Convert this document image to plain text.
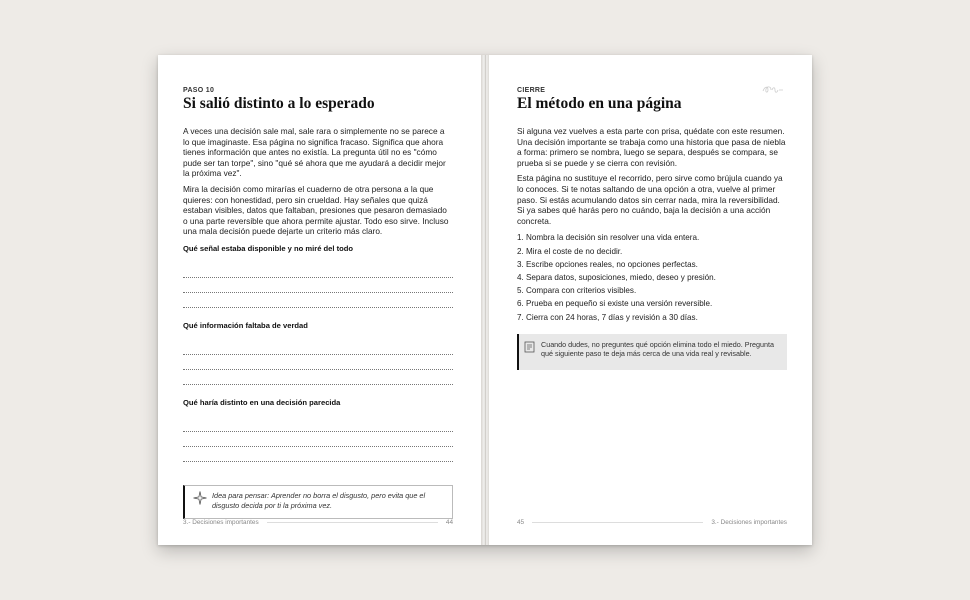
PASO 10

Si salió distinto a lo esperado

A veces una decisión sale mal, sale rara o simplemente no se parece a lo que imaginaste. Esa página no significa fracaso. Significa que ahora tienes información que antes no existía. La pregunta útil no es "cómo pude ser tan torpe", sino "qué sé ahora que me ayudará a decidir mejor la próxima vez".

Mira la decisión como mirarías el cuaderno de otra persona a la que quieres: con honestidad, pero sin crueldad. Hay señales que quizá estaban visibles, datos que faltaban, presiones que pesaron demasiado o una parte reversible que ahora permite ajustar. Todo eso sirve. Incluso una mala decisión puede dejarte un criterio más claro.

Qué señal estaba disponible y no miré del todo
Qué información faltaba de verdad
Qué haría distinto en una decisión parecida
Idea para pensar: Aprender no borra el disgusto, pero evita que el disgusto decida por ti la próxima vez.
3.- Decisiones importantes	44

CIERRE

El método en una página

Si alguna vez vuelves a esta parte con prisa, quédate con este resumen. Una decisión importante se trabaja como una historia que pasa de niebla a forma: primero se nombra, luego se separa, después se compara, se prueba si se puede y se cierra con revisión.

Esta página no sustituye el recorrido, pero sirve como brújula cuando ya lo conoces. Si te notas saltando de una opción a otra, vuelve al primer paso. Si estás acumulando datos sin cerrar nada, mira la reversibilidad. Si ya sabes qué harás pero no cuándo, baja la decisión a una acción concreta.

1. Nombra la decisión sin resolver una vida entera.
2. Mira el coste de no decidir.
3. Escribe opciones reales, no opciones perfectas.
4. Separa datos, suposiciones, miedo, deseo y presión.
5. Compara con criterios visibles.
6. Prueba en pequeño si existe una versión reversible.
7. Cierra con 24 horas, 7 días y revisión a 30 días.
Cuando dudes, no preguntes qué opción elimina todo el miedo. Pregunta qué siguiente paso te deja más cerca de una vida real y revisable.
45	3.- Decisiones importantes
